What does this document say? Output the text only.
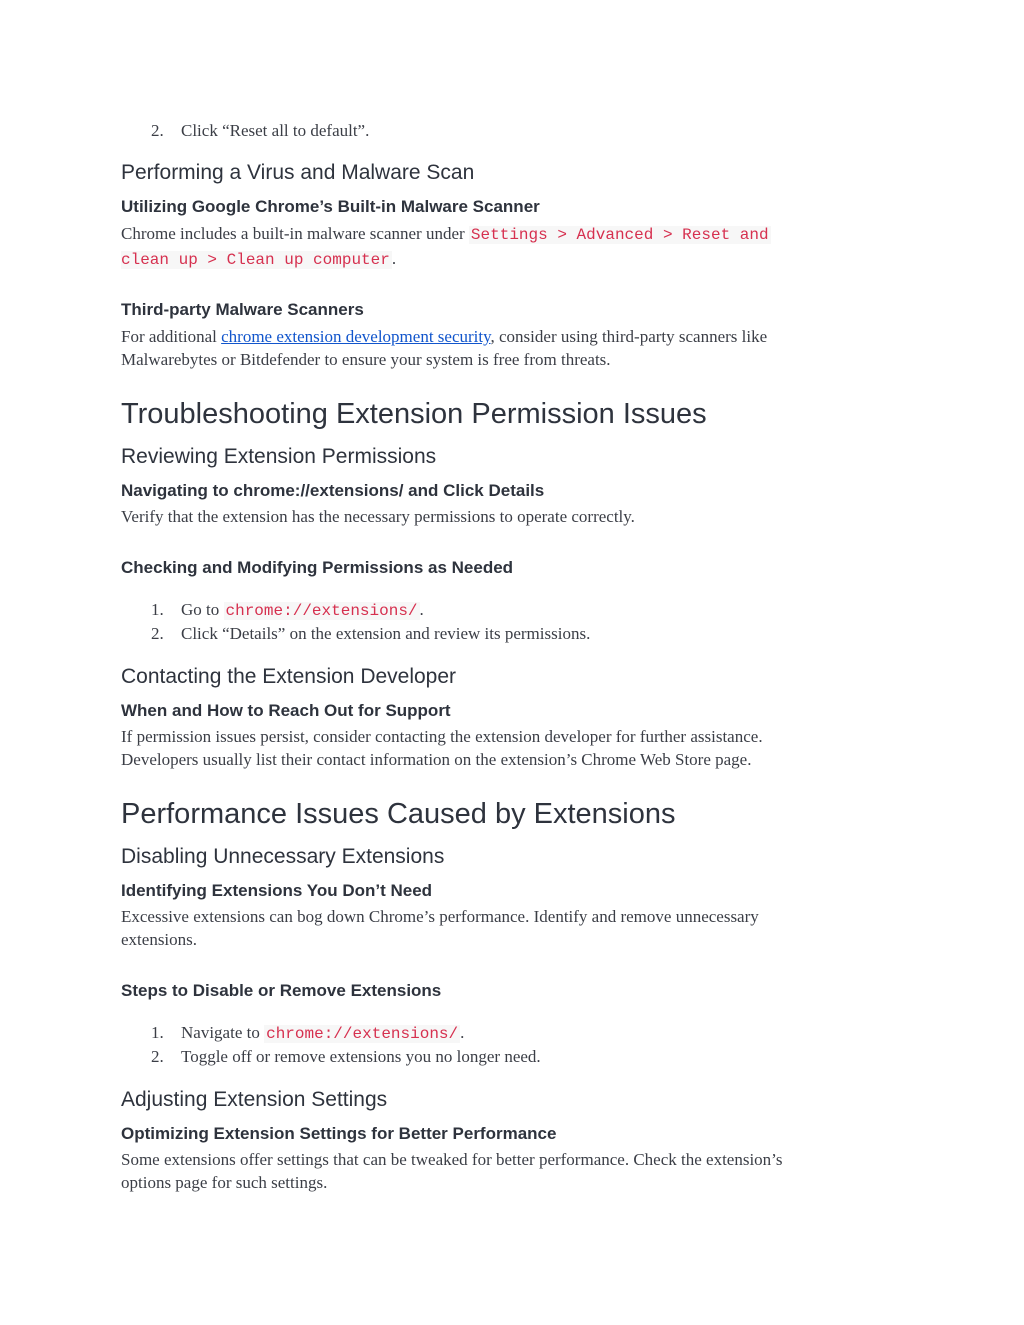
2. Click “Reset all to default”.
Performing a Virus and Malware Scan
Utilizing Google Chrome’s Built-in Malware Scanner
Chrome includes a built-in malware scanner under Settings > Advanced > Reset and
clean up > Clean up computer .
Third-party Malware Scanners
For additional chrome extension development security, consider using third-party scanners like
Malwarebytes or Bitdefender to ensure your system is free from threats.
Troubleshooting Extension Permission Issues
Reviewing Extension Permissions
Navigating to chrome://extensions/ and Click Details
Verify that the extension has the necessary permissions to operate correctly.
Checking and Modifying Permissions as Needed
1. Go to chrome://extensions/ .
2. Click “Details” on the extension and review its permissions.
Contacting the Extension Developer
When and How to Reach Out for Support
If permission issues persist, consider contacting the extension developer for further assistance.
Developers usually list their contact information on the extension’s Chrome Web Store page.
Performance Issues Caused by Extensions
Disabling Unnecessary Extensions
Identifying Extensions You Don’t Need
Excessive extensions can bog down Chrome’s performance. Identify and remove unnecessary
extensions.
Steps to Disable or Remove Extensions
1. Navigate to chrome://extensions/ .
2. Toggle off or remove extensions you no longer need.
Adjusting Extension Settings
Optimizing Extension Settings for Better Performance
Some extensions offer settings that can be tweaked for better performance. Check the extension’s
options page for such settings.
